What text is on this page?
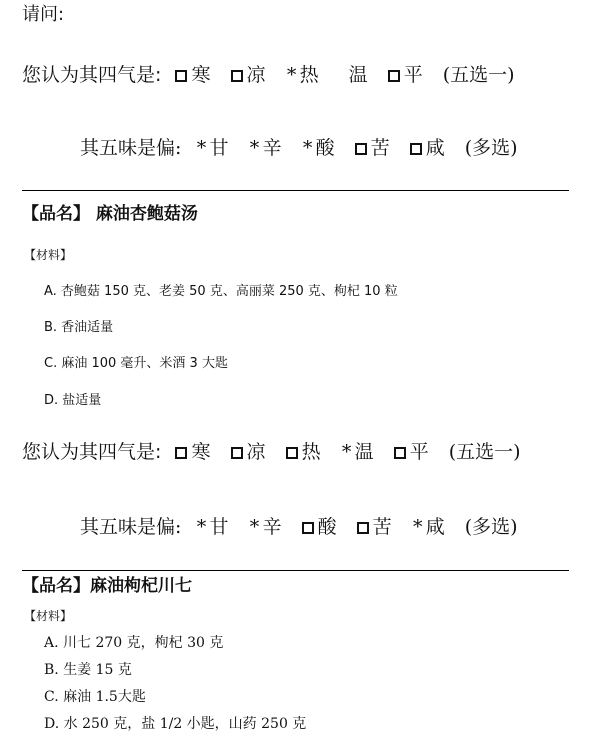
请问:
您认为其四气是: 寒 凉 * 热 温 平 (五选一)
其五味是偏: * 甘 * 辛 * 酸 苦 咸 (多选)
【品名】 麻油杏鲍菇汤
【材料】
A. 杏鲍菇 150 克、老姜 50 克、高丽菜 250 克、枸杞 10 粒
B. 香油适量
C. 麻油 100 毫升、米酒 3 大匙
D. 盐适量
您认为其四气是: 寒 凉 热 * 温 平 (五选一)
其五味是偏: * 甘 * 辛 酸 苦 * 咸 (多选)
【品名】麻油枸杞川七
【材料】
A. 川七 270 克，枸杞 30 克
B. 生姜 15 克
C. 麻油 1.5大匙
D. 水 250 克，盐 1/2 小匙，山药 250 克
